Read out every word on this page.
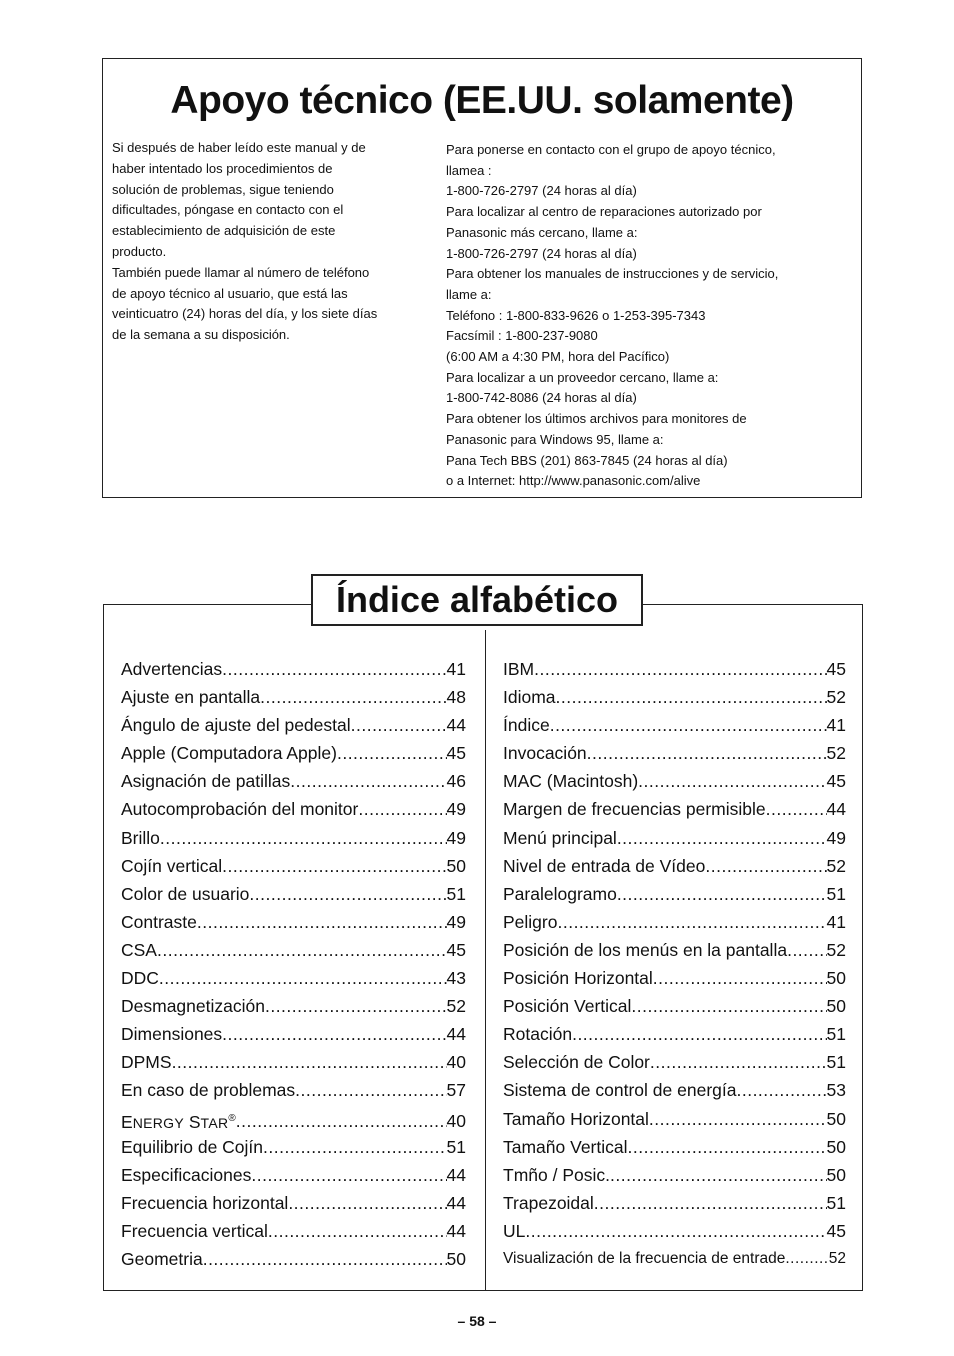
Apoyo técnico (EE.UU. solamente)

Si después de haber leído este manual y de

haber intentado los procedimientos de

solución de problemas, sigue teniendo

dificultades, póngase en contacto con el

establecimiento de adquisición de este

producto.

También puede llamar al número de teléfono

de apoyo técnico al usuario, que está las

veinticuatro (24) horas del día, y los siete días

de la semana a su disposición.

Para ponerse en contacto con el grupo de apoyo técnico,

llamea :

1-800-726-2797 (24 horas al día)

Para localizar al centro de reparaciones autorizado por

Panasonic más cercano, llame a:

1-800-726-2797 (24 horas al día)

Para obtener los manuales de instrucciones y de servicio,

llame a:

Teléfono : 1-800-833-9626 o 1-253-395-7343

Facsímil : 1-800-237-9080

(6:00 AM a 4:30 PM, hora del Pacífico)

Para localizar a un proveedor cercano, llame a:

1-800-742-8086 (24 horas al día)

Para obtener los últimos archivos para monitores de

Panasonic para Windows 95, llame a:

Pana Tech BBS (201) 863-7845 (24 horas al día)

o a Internet: http://www.panasonic.com/alive

Índice alfabético
Advertencias .....	41
Ajuste en pantalla .....	48
Ángulo de ajuste del pedestal .....	44
Apple (Computadora Apple) .....	45
Asignación de patillas .....	46
Autocomprobación del monitor .....	49
Brillo .....	49
Cojín vertical .....	50
Color de usuario .....	51
Contraste .....	49
CSA .....	45
DDC .....	43
Desmagnetización .....	52
Dimensiones .....	44
DPMS .....	40
En caso de problemas .....	57
ENERGY STAR® .....	40
Equilibrio de Cojín .....	51
Especificaciones .....	44
Frecuencia horizontal .....	44
Frecuencia vertical .....	44
Geometria .....	50
IBM .....	45
Idioma .....	52
Índice .....	41
Invocación .....	52
MAC (Macintosh) .....	45
Margen de frecuencias permisible .....	44
Menú principal .....	49
Nivel de entrada de Vídeo .....	52
Paralelogramo .....	51
Peligro .....	41
Posición de los menús en la pantalla ..... 52
Posición Horizontal .....	50
Posición Vertical .....	50
Rotación .....	51
Selección de Color .....	51
Sistema de control de energía .....	53
Tamaño Horizontal .....	50
Tamaño Vertical .....	50
Tmño / Posic. .....	50
Trapezoidal .....	51
UL .....	45
Visualización de la frecuencia de entrade .....	52
– 58 –
